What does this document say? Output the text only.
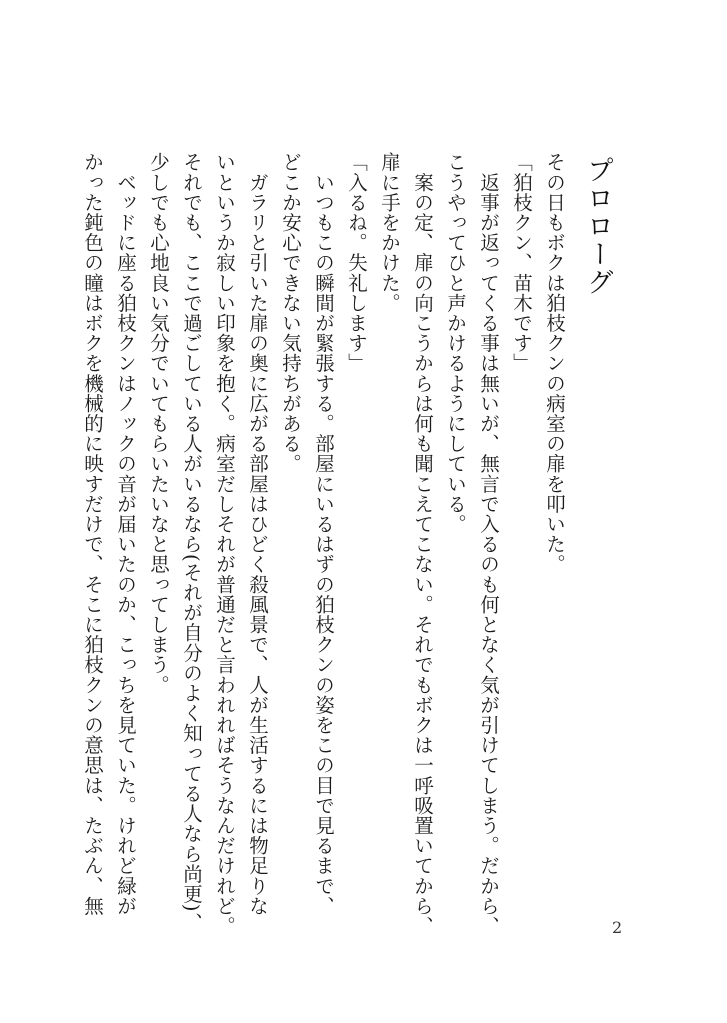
プロローグ
その日もボクは狛枝クンの病室の扉を叩いた。
「狛枝クン、苗木です」
　返事が返ってくる事は無いが、無言で入るのも何となく気が引けてしまう。だから、
こうやってひと声かけるようにしている。
　案の定、扉の向こうからは何も聞こえてこない。それでもボクは一呼吸置いてから、
扉に手をかけた。
「入るね。失礼します」
　いつもこの瞬間が緊張する。部屋にいるはずの狛枝クンの姿をこの目で見るまで、
どこか安心できない気持ちがある。
　ガラリと引いた扉の奥に広がる部屋はひどく殺風景で、人が生活するには物足りな
いというか寂しい印象を抱く。病室だしそれが普通だと言われればそうなんだけれど。
それでも、ここで過ごしている人がいるなら(それが自分のよく知ってる人なら尚更)、
少しでも心地良い気分でいてもらいたいなと思ってしまう。
　ベッドに座る狛枝クンはノックの音が届いたのか、こっちを見ていた。けれど緑が
かった鈍色の瞳はボクを機械的に映すだけで、そこに狛枝クンの意思は、たぶん、無
2
